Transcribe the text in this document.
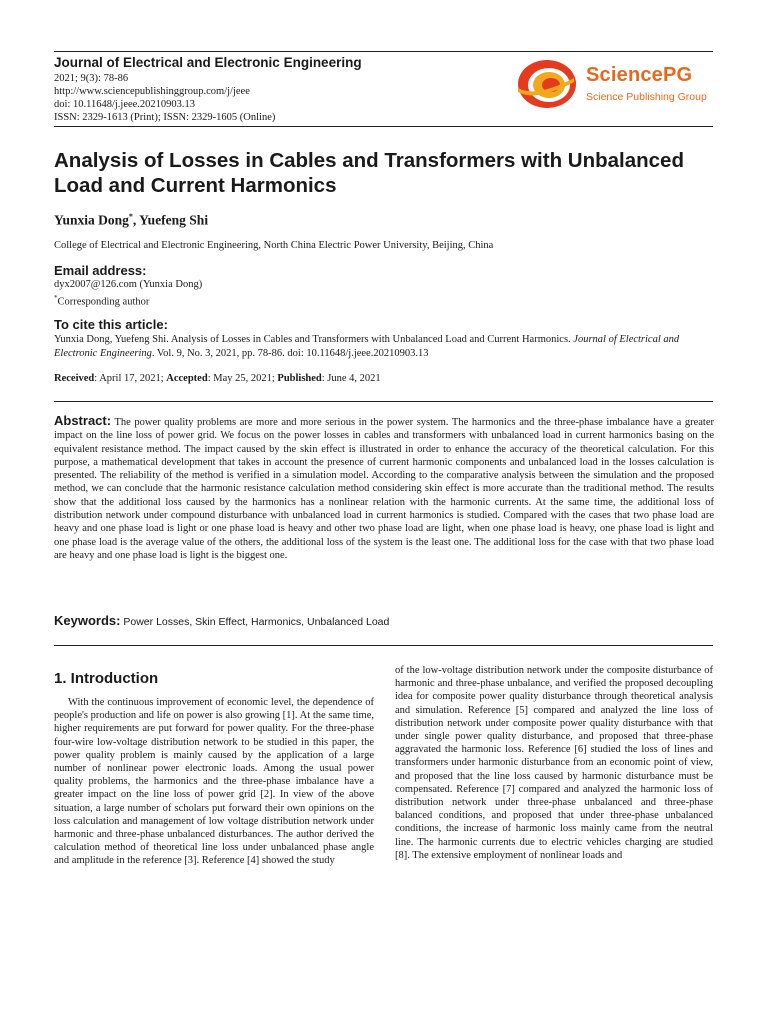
Journal of Electrical and Electronic Engineering
2021; 9(3): 78-86
http://www.sciencepublishinggroup.com/j/jeee
doi: 10.11648/j.jeee.20210903.13
ISSN: 2329-1613 (Print); ISSN: 2329-1605 (Online)
SciencePG
Science Publishing Group
Analysis of Losses in Cables and Transformers with Unbalanced Load and Current Harmonics
Yunxia Dong*, Yuefeng Shi
College of Electrical and Electronic Engineering, North China Electric Power University, Beijing, China
Email address:
dyx2007@126.com (Yunxia Dong)
*Corresponding author
To cite this article:
Yunxia Dong, Yuefeng Shi. Analysis of Losses in Cables and Transformers with Unbalanced Load and Current Harmonics. Journal of Electrical and Electronic Engineering. Vol. 9, No. 3, 2021, pp. 78-86. doi: 10.11648/j.jeee.20210903.13
Received: April 17, 2021; Accepted: May 25, 2021; Published: June 4, 2021

Abstract: The power quality problems are more and more serious in the power system. The harmonics and the three-phase imbalance have a greater impact on the line loss of power grid. We focus on the power losses in cables and transformers with unbalanced load in current harmonics basing on the equivalent resistance method. The impact caused by the skin effect is illustrated in order to enhance the accuracy of the theoretical calculation. For this purpose, a mathematical development that takes in account the presence of current harmonic components and unbalanced load in the losses calculation is presented. The reliability of the method is verified in a simulation model. According to the comparative analysis between the simulation and the proposed method, we can conclude that the harmonic resistance calculation method considering skin effect is more accurate than the traditional method. The results show that the additional loss caused by the harmonics has a nonlinear relation with the harmonic currents. At the same time, the additional loss of distribution network under compound disturbance with unbalanced load in current harmonics is studied. Compared with the cases that two phase load are heavy and one phase load is light or one phase load is heavy and other two phase load are light, when one phase load is heavy, one phase load is light and one phase load is the average value of the others, the additional loss of the system is the least one. The additional loss for the case with that two phase load are heavy and one phase load is light is the biggest one.

Keywords: Power Losses, Skin Effect, Harmonics, Unbalanced Load
1. Introduction

With the continuous improvement of economic level, the dependence of people's production and life on power is also growing [1]. At the same time, higher requirements are put forward for power quality. For the three-phase four-wire low-voltage distribution network to be studied in this paper, the power quality problem is mainly caused by the application of a large number of nonlinear power electronic loads. Among the usual power quality problems, the harmonics and the three-phase imbalance have a greater impact on the line loss of power grid [2]. In view of the above situation, a large number of scholars put forward their own opinions on the loss calculation and management of low voltage distribution network under harmonic and three-phase unbalanced disturbances. The author derived the calculation method of theoretical line loss under unbalanced phase angle and amplitude in the reference [3]. Reference [4] showed the study

of the low-voltage distribution network under the composite disturbance of harmonic and three-phase unbalance, and verified the proposed decoupling idea for composite power quality disturbance through theoretical analysis and simulation. Reference [5] compared and analyzed the line loss of distribution network under composite power quality disturbance with that under single power quality disturbance, and proposed that three-phase aggravated the harmonic loss. Reference [6] studied the loss of lines and transformers under harmonic disturbance from an economic point of view, and proposed that the line loss caused by harmonic disturbance must be compensated. Reference [7] compared and analyzed the harmonic loss of distribution network under three-phase unbalanced and three-phase balanced conditions, and proposed that under three-phase unbalanced conditions, the increase of harmonic loss mainly came from the neutral line. The harmonic currents due to electric vehicles charging are studied [8]. The extensive employment of nonlinear loads and
